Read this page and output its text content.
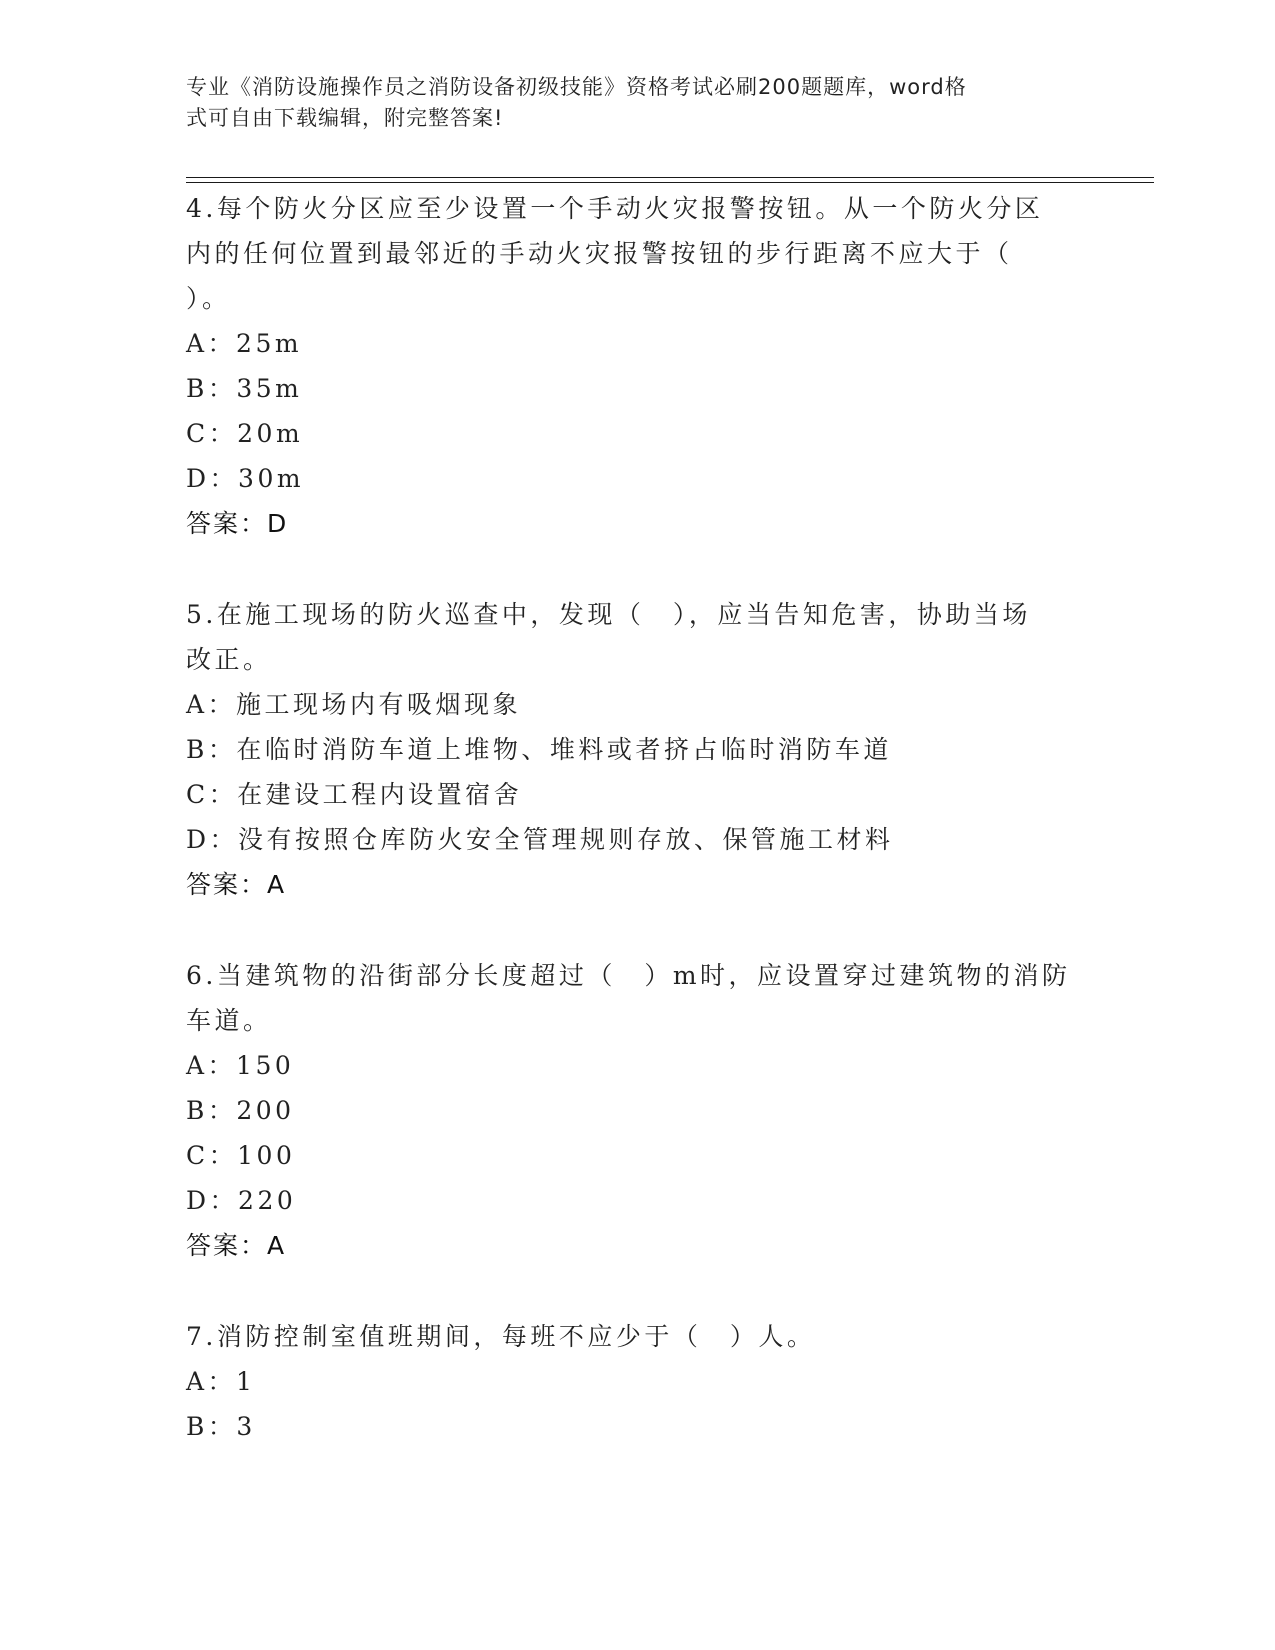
专业《消防设施操作员之消防设备初级技能》资格考试必刷200题题库，word格
式可自由下载编辑，附完整答案!
4.每个防火分区应至少设置一个手动火灾报警按钮。从一个防火分区
内的任何位置到最邻近的手动火灾报警按钮的步行距离不应大于（
）。
A：25m
B：35m
C：20m
D：30m
答案：D
5.在施工现场的防火巡查中，发现（　），应当告知危害，协助当场
改正。
A：施工现场内有吸烟现象
B：在临时消防车道上堆物、堆料或者挤占临时消防车道
C：在建设工程内设置宿舍
D：没有按照仓库防火安全管理规则存放、保管施工材料
答案：A
6.当建筑物的沿街部分长度超过（　）m时，应设置穿过建筑物的消防
车道。
A：150
B：200
C：100
D：220
答案：A
7.消防控制室值班期间，每班不应少于（　）人。
A：1
B：3
